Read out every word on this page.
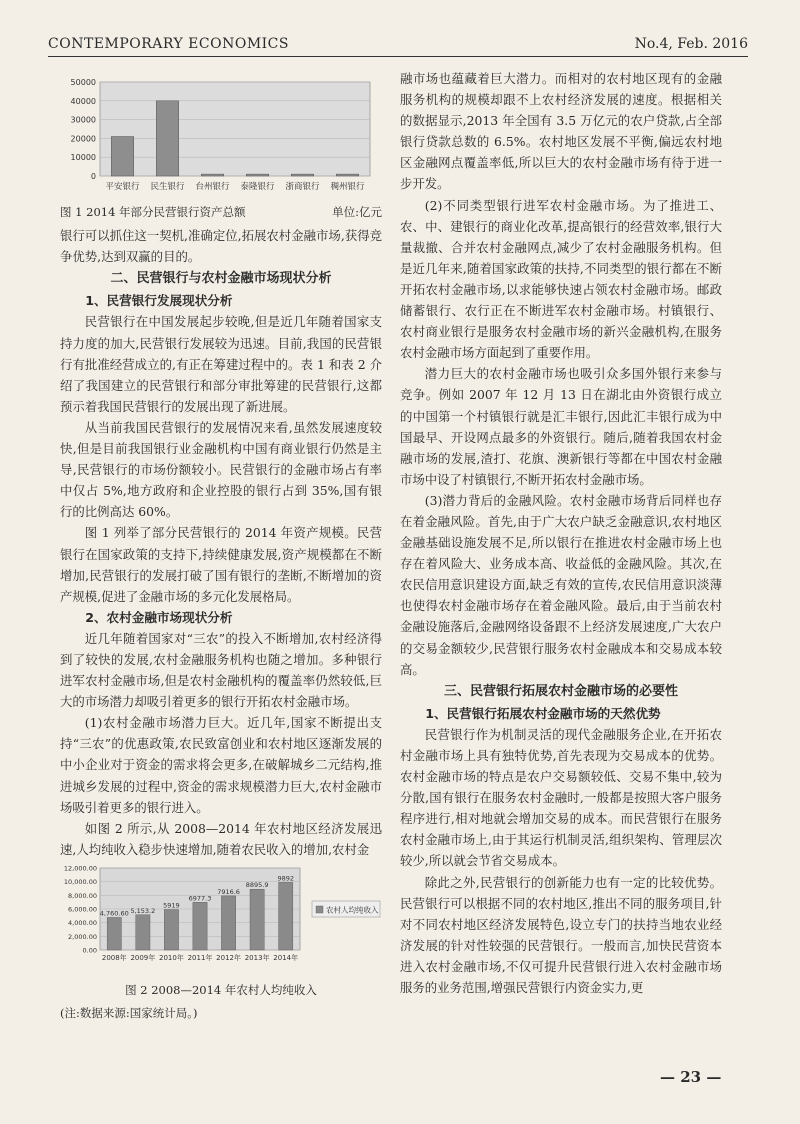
CONTEMPORARY ECONOMICS	No.4, Feb. 2016
0
10000
20000
30000
40000
50000
平安银行 民生银行 台州银行 泰隆银行 浙商银行 稠州银行
图 1 2014 年部分民营银行资产总额	单位:亿元

银行可以抓住这一契机,准确定位,拓展农村金融市场,获得竞争优势,达到双赢的目的。

二、民营银行与农村金融市场现状分析
1、民营银行发展现状分析

民营银行在中国发展起步较晚,但是近几年随着国家支持力度的加大,民营银行发展较为迅速。目前,我国的民营银行有批准经营成立的,有正在筹建过程中的。表 1 和表 2 介绍了我国建立的民营银行和部分审批筹建的民营银行,这都预示着我国民营银行的发展出现了新进展。

从当前我国民营银行的发展情况来看,虽然发展速度较快,但是目前我国银行业金融机构中国有商业银行仍然是主导,民营银行的市场份额较小。民营银行的金融市场占有率中仅占 5%,地方政府和企业控股的银行占到 35%,国有银行的比例高达 60%。

图 1 列举了部分民营银行的 2014 年资产规模。民营银行在国家政策的支持下,持续健康发展,资产规模都在不断增加,民营银行的发展打破了国有银行的垄断,不断增加的资产规模,促进了金融市场的多元化发展格局。

2、农村金融市场现状分析

近几年随着国家对“三农”的投入不断增加,农村经济得到了较快的发展,农村金融服务机构也随之增加。多种银行进军农村金融市场,但是农村金融机构的覆盖率仍然较低,巨大的市场潜力却吸引着更多的银行开拓农村金融市场。

(1)农村金融市场潜力巨大。近几年,国家不断提出支持“三农”的优惠政策,农民致富创业和农村地区逐渐发展的中小企业对于资金的需求将会更多,在破解城乡二元结构,推进城乡发展的过程中,资金的需求规模潜力巨大,农村金融市场吸引着更多的银行进入。

如图 2 所示,从 2008—2014 年农村地区经济发展迅速,人均纯收入稳步快速增加,随着农民收入的增加,农村金

0.00
2,000.00
4,000.00
6,000.00
8,000.00
10,000.00
12,000.00
4,760.60
2008年
5,153.2
2009年
5919
2010年
6977.3
2011年
7916.6
2012年
8895.9
2013年
9892
2014年
农村人均纯收入
图 2 2008—2014 年农村人均纯收入
(注:数据来源:国家统计局。)

融市场也蕴藏着巨大潜力。而相对的农村地区现有的金融服务机构的规模却跟不上农村经济发展的速度。根据相关的数据显示,2013 年全国有 3.5 万亿元的农户贷款,占全部银行贷款总数的 6.5%。农村地区发展不平衡,偏远农村地区金融网点覆盖率低,所以巨大的农村金融市场有待于进一步开发。

(2)不同类型银行进军农村金融市场。为了推进工、农、中、建银行的商业化改革,提高银行的经营效率,银行大量裁撤、合并农村金融网点,减少了农村金融服务机构。但是近几年来,随着国家政策的扶持,不同类型的银行都在不断开拓农村金融市场,以求能够快速占领农村金融市场。邮政储蓄银行、农行正在不断进军农村金融市场。村镇银行、农村商业银行是服务农村金融市场的新兴金融机构,在服务农村金融市场方面起到了重要作用。

潜力巨大的农村金融市场也吸引众多国外银行来参与竞争。例如 2007 年 12 月 13 日在湖北由外资银行成立的中国第一个村镇银行就是汇丰银行,因此汇丰银行成为中国最早、开设网点最多的外资银行。随后,随着我国农村金融市场的发展,渣打、花旗、澳新银行等都在中国农村金融市场中设了村镇银行,不断开拓农村金融市场。

(3)潜力背后的金融风险。农村金融市场背后同样也存在着金融风险。首先,由于广大农户缺乏金融意识,农村地区金融基础设施发展不足,所以银行在推进农村金融市场上也存在着风险大、业务成本高、收益低的金融风险。其次,在农民信用意识建设方面,缺乏有效的宣传,农民信用意识淡薄也使得农村金融市场存在着金融风险。最后,由于当前农村金融设施落后,金融网络设备跟不上经济发展速度,广大农户的交易金额较少,民营银行服务农村金融成本和交易成本较高。

三、民营银行拓展农村金融市场的必要性
1、民营银行拓展农村金融市场的天然优势

民营银行作为机制灵活的现代金融服务企业,在开拓农村金融市场上具有独特优势,首先表现为交易成本的优势。农村金融市场的特点是农户交易额较低、交易不集中,较为分散,国有银行在服务农村金融时,一般都是按照大客户服务程序进行,相对地就会增加交易的成本。而民营银行在服务农村金融市场上,由于其运行机制灵活,组织架构、管理层次较少,所以就会节省交易成本。

除此之外,民营银行的创新能力也有一定的比较优势。民营银行可以根据不同的农村地区,推出不同的服务项目,针对不同农村地区经济发展特色,设立专门的扶持当地农业经济发展的针对性较强的民营银行。一般而言,加快民营资本进入农村金融市场,不仅可提升民营银行进入农村金融市场服务的业务范围,增强民营银行内资金实力,更

— 23 —
